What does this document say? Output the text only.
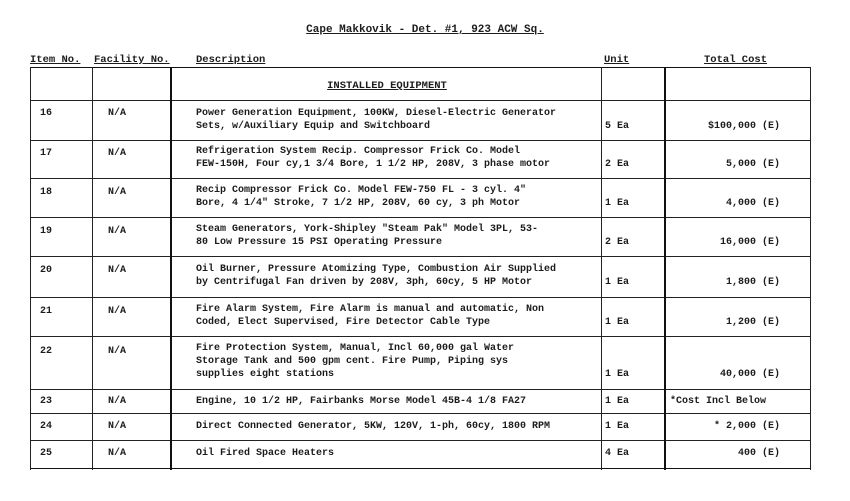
Cape Makkovik - Det. #1, 923 ACW Sq.
Item No. Facility No.	Description	Unit	Total Cost
INSTALLED EQUIPMENT
16	N/A	Power Generation Equipment, 100KW, Diesel-Electric Generator
Sets, w/Auxiliary Equip and Switchboard	5 Ea	$100,000 (E)
17	N/A	Refrigeration System Recip. Compressor Frick Co. Model
FEW-150H, Four cy,1 3/4 Bore, 1 1/2 HP, 208V, 3 phase motor	2 Ea	5,000 (E)
18	N/A	Recip Compressor Frick Co. Model FEW-750 FL - 3 cyl. 4"
Bore, 4 1/4" Stroke, 7 1/2 HP, 208V, 60 cy, 3 ph Motor	1 Ea	4,000 (E)
19	N/A	Steam Generators, York-Shipley "Steam Pak" Model 3PL, 53-
80 Low Pressure 15 PSI Operating Pressure	2 Ea	16,000 (E)
20	N/A	Oil Burner, Pressure Atomizing Type, Combustion Air Supplied
by Centrifugal Fan driven by 208V, 3ph, 60cy, 5 HP Motor	1 Ea	1,800 (E)
21	N/A	Fire Alarm System, Fire Alarm is manual and automatic, Non
Coded, Elect Supervised, Fire Detector Cable Type	1 Ea	1,200 (E)
22	N/A	Fire Protection System, Manual, Incl 60,000 gal Water
Storage Tank and 500 gpm cent. Fire Pump, Piping sys
supplies eight stations	1 Ea	40,000 (E)
23	N/A	Engine, 10 1/2 HP, Fairbanks Morse Model 45B-4 1/8 FA27	1 Ea	*Cost Incl Below
24	N/A	Direct Connected Generator, 5KW, 120V, 1-ph, 60cy, 1800 RPM	1 Ea	* 2,000 (E)
25	N/A	Oil Fired Space Heaters	4 Ea	400 (E)
